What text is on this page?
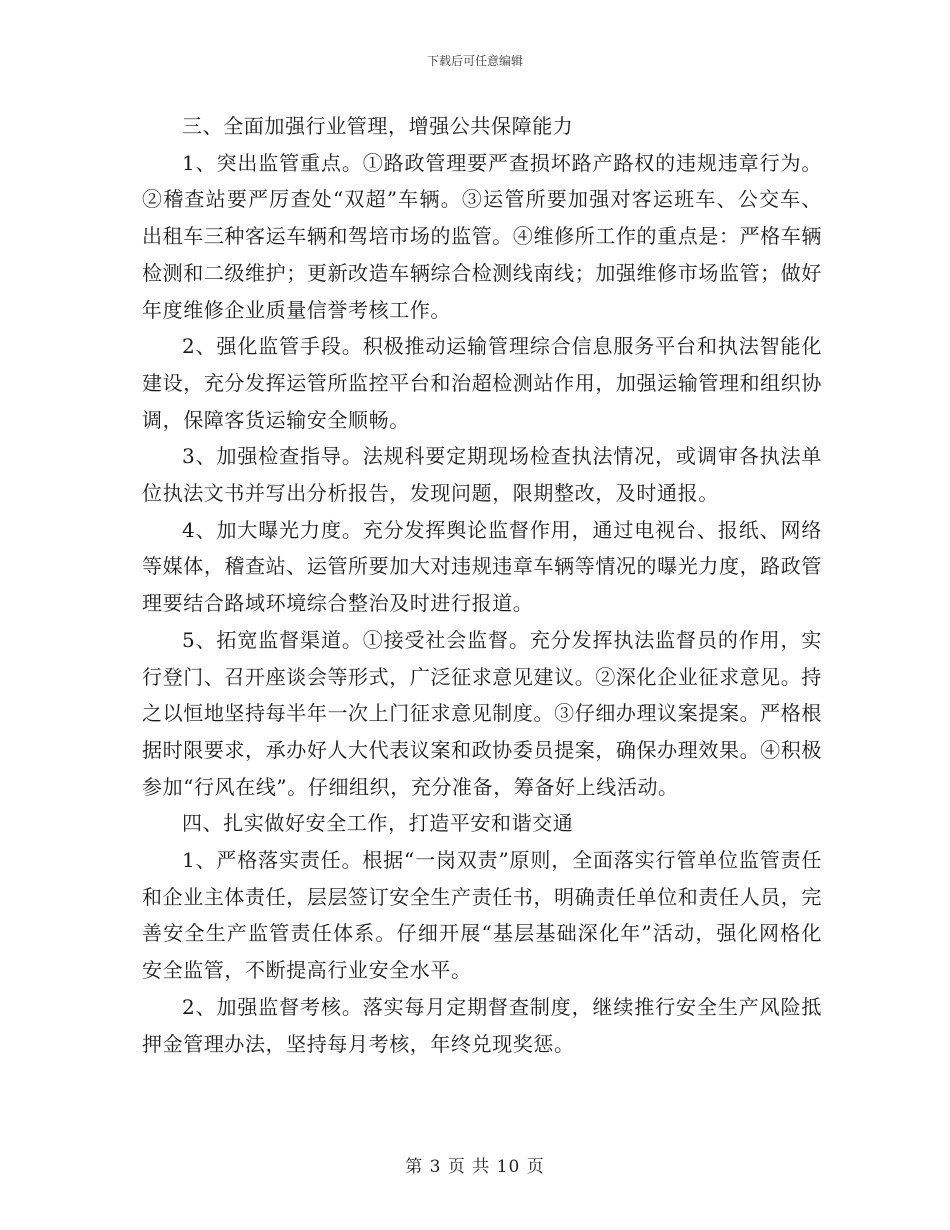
下载后可任意编辑

三、全面加强行业管理，增强公共保障能力

1、突出监管重点。①路政管理要严查损坏路产路权的违规违章行为。②稽查站要严厉查处“双超”车辆。③运管所要加强对客运班车、公交车、出租车三种客运车辆和驾培市场的监管。④维修所工作的重点是：严格车辆检测和二级维护；更新改造车辆综合检测线南线；加强维修市场监管；做好年度维修企业质量信誉考核工作。

2、强化监管手段。积极推动运输管理综合信息服务平台和执法智能化建设，充分发挥运管所监控平台和治超检测站作用，加强运输管理和组织协调，保障客货运输安全顺畅。

3、加强检查指导。法规科要定期现场检查执法情况，或调审各执法单位执法文书并写出分析报告，发现问题，限期整改，及时通报。

4、加大曝光力度。充分发挥舆论监督作用，通过电视台、报纸、网络等媒体，稽查站、运管所要加大对违规违章车辆等情况的曝光力度，路政管理要结合路域环境综合整治及时进行报道。

5、拓宽监督渠道。①接受社会监督。充分发挥执法监督员的作用，实行登门、召开座谈会等形式，广泛征求意见建议。②深化企业征求意见。持之以恒地坚持每半年一次上门征求意见制度。③仔细办理议案提案。严格根据时限要求，承办好人大代表议案和政协委员提案，确保办理效果。④积极参加“行风在线”。仔细组织，充分准备，筹备好上线活动。

四、扎实做好安全工作，打造平安和谐交通

1、严格落实责任。根据“一岗双责”原则，全面落实行管单位监管责任和企业主体责任，层层签订安全生产责任书，明确责任单位和责任人员，完善安全生产监管责任体系。仔细开展“基层基础深化年”活动，强化网格化安全监管，不断提高行业安全水平。

2、加强监督考核。落实每月定期督查制度，继续推行安全生产风险抵押金管理办法，坚持每月考核，年终兑现奖惩。

第 3 页 共 10 页
